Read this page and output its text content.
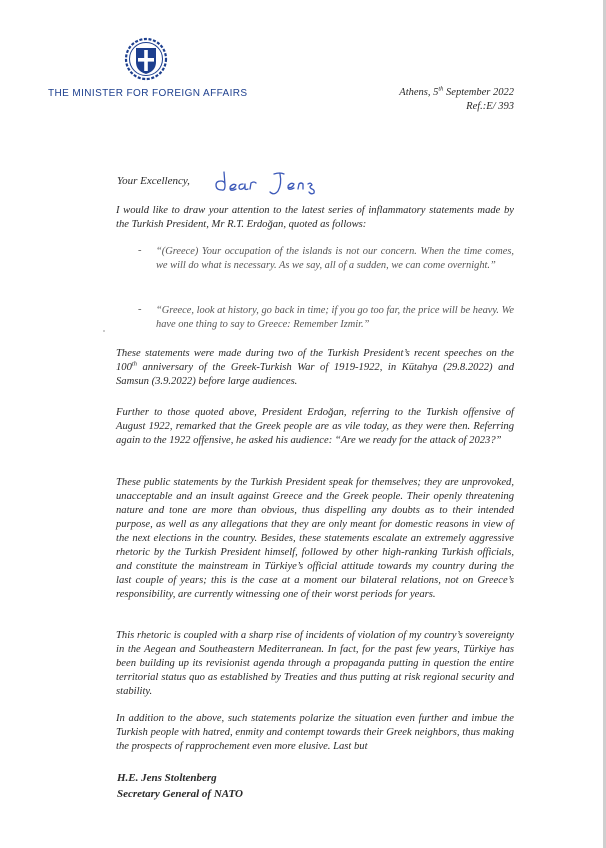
THE MINISTER FOR FOREIGN AFFAIRS	Athens, 5th September 2022
Ref.:E/ 393
Your Excellency,
I would like to draw your attention to the latest series of inflammatory statements made by the Turkish President, Mr R.T. Erdoğan, quoted as follows:
- “(Greece) Your occupation of the islands is not our concern. When the time comes, we will do what is necessary. As we say, all of a sudden, we can come overnight.”
- “Greece, look at history, go back in time; if you go too far, the price will be heavy. We have one thing to say to Greece: Remember Izmir.”
These statements were made during two of the Turkish President’s recent speeches on the 100th anniversary of the Greek-Turkish War of 1919-1922, in Kütahya (29.8.2022) and Samsun (3.9.2022) before large audiences.
Further to those quoted above, President Erdoğan, referring to the Turkish offensive of August 1922, remarked that the Greek people are as vile today, as they were then. Referring again to the 1922 offensive, he asked his audience: “Are we ready for the attack of 2023?”
These public statements by the Turkish President speak for themselves; they are unprovoked, unacceptable and an insult against Greece and the Greek people. Their openly threatening nature and tone are more than obvious, thus dispelling any doubts as to their intended purpose, as well as any allegations that they are only meant for domestic reasons in view of the next elections in the country. Besides, these statements escalate an extremely aggressive rhetoric by the Turkish President himself, followed by other high-ranking Turkish officials, and constitute the mainstream in Türkiye’s official attitude towards my country during the last couple of years; this is the case at a moment our bilateral relations, not on Greece’s responsibility, are currently witnessing one of their worst periods for years.
This rhetoric is coupled with a sharp rise of incidents of violation of my country’s sovereignty in the Aegean and Southeastern Mediterranean. In fact, for the past few years, Türkiye has been building up its revisionist agenda through a propaganda putting in question the entire territorial status quo as established by Treaties and thus putting at risk regional security and stability.
In addition to the above, such statements polarize the situation even further and imbue the Turkish people with hatred, enmity and contempt towards their Greek neighbors, thus making the prospects of rapprochement even more elusive. Last but
H.E. Jens Stoltenberg
Secretary General of NATO
